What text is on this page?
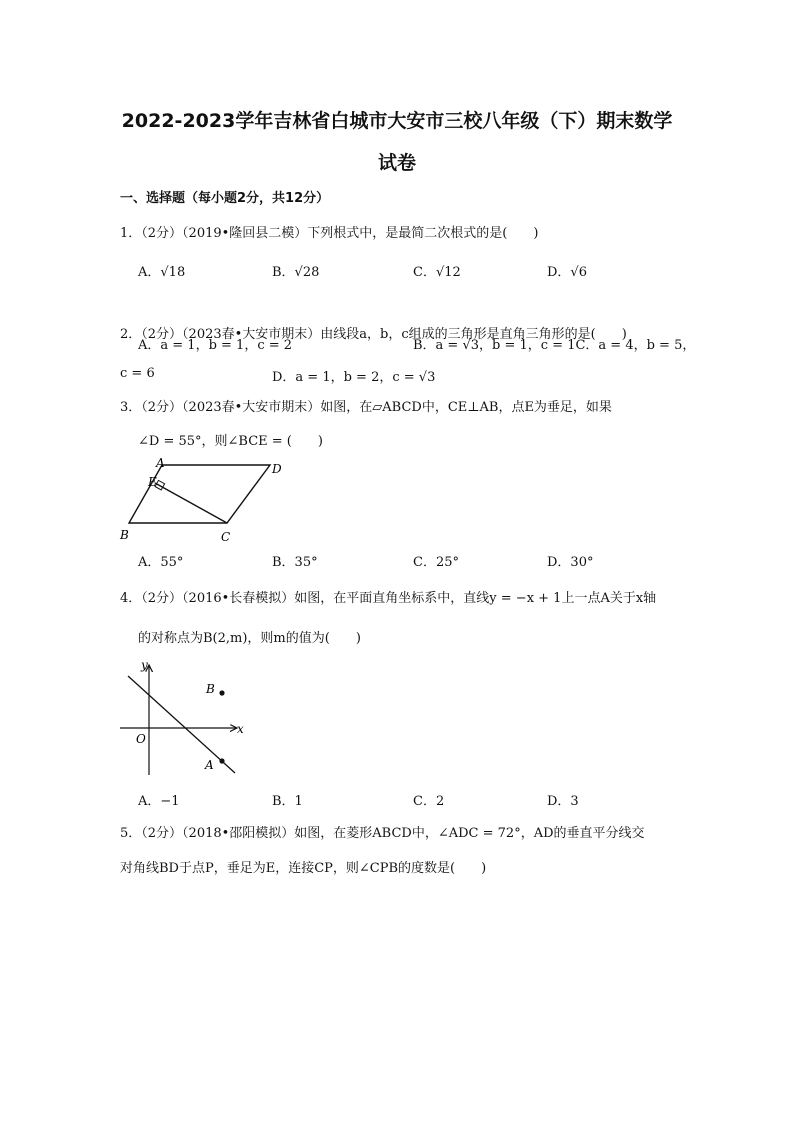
2022-2023学年吉林省白城市大安市三校八年级（下）期末数学
试卷
一、选择题（每小题2分，共12分）
1．（2分）（2019•隆回县二模）下列根式中，是最简二次根式的是(　　)
A．√18	B．√28	C．√12	D．√6
2．（2分）（2023春•大安市期末）由线段a，b，c组成的三角形是直角三角形的是(　　)
A．a = 1，b = 1，c = 2	B．a = √3，b = 1，c = 1C．a = 4，b = 5，
c = 6	D．a = 1，b = 2，c = √3
3．（2分）（2023春•大安市期末）如图，在▱ABCD中，CE⊥AB，点E为垂足，如果
∠D = 55°，则∠BCE = (　　)
A	D
E
B	C
A．55°	B．35°	C．25°	D．30°
4．（2分）（2016•长春模拟）如图，在平面直角坐标系中，直线y = −x + 1上一点A关于x轴
的对称点为B(2,m)，则m的值为(　　)
y
x
O
B
A
A．−1	B．1	C．2	D．3
5．（2分）（2018•邵阳模拟）如图，在菱形ABCD中，∠ADC = 72°，AD的垂直平分线交
对角线BD于点P，垂足为E，连接CP，则∠CPB的度数是(　　)
